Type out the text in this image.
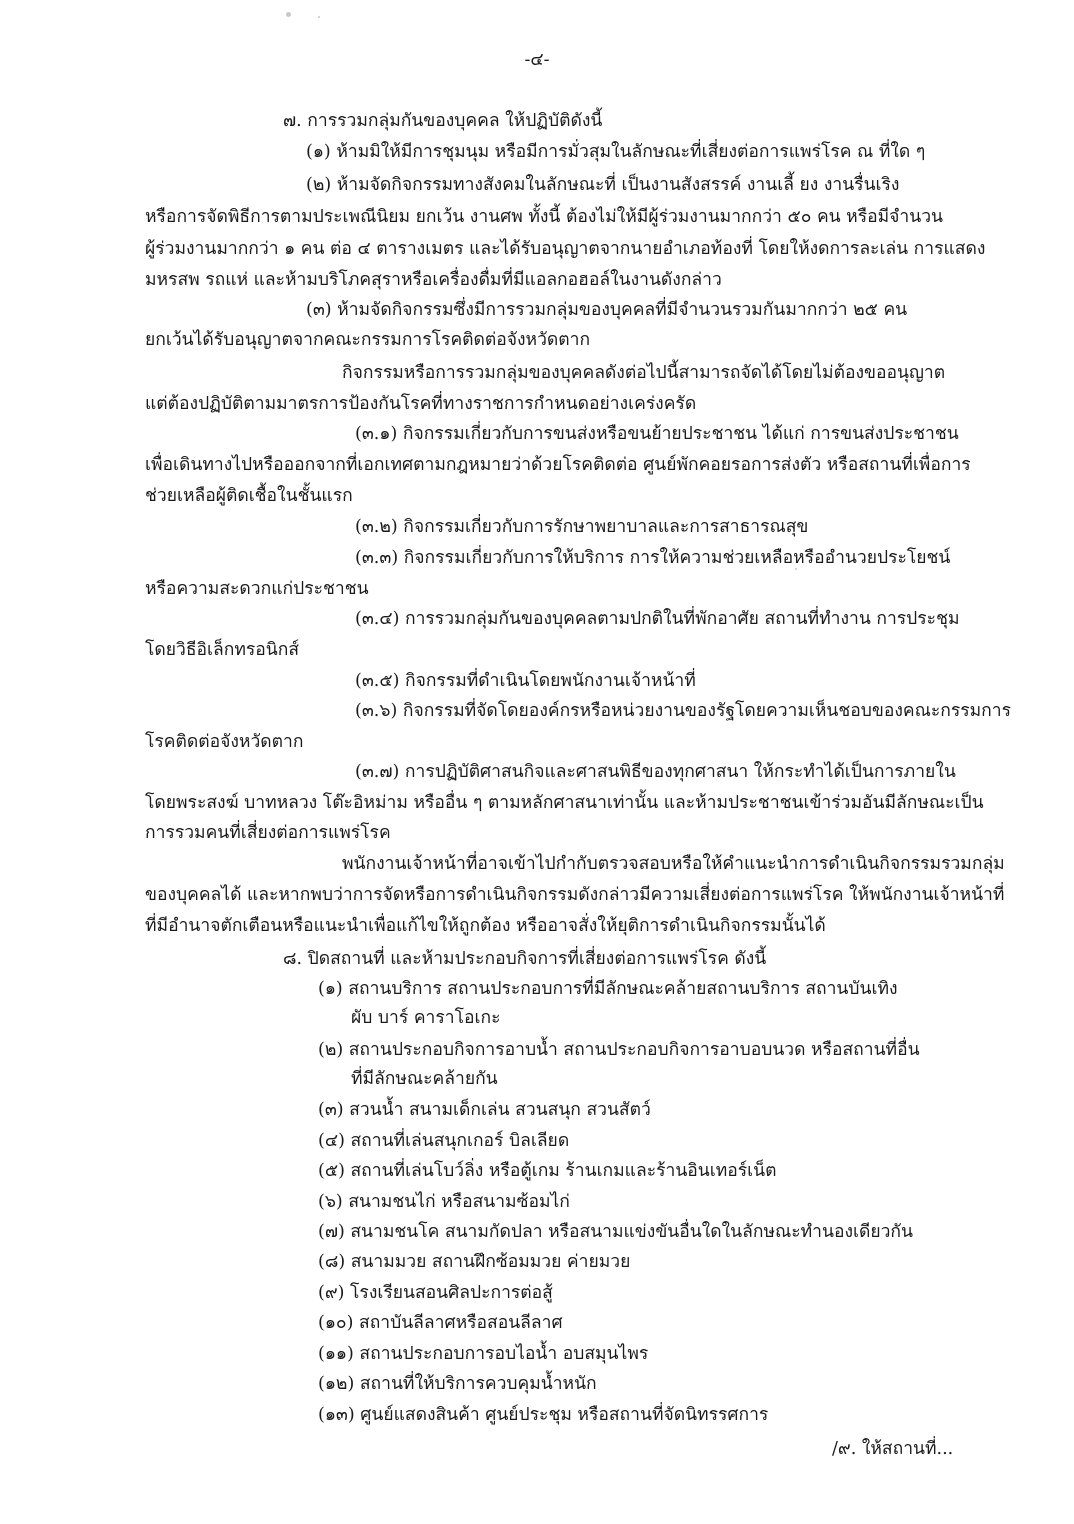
-๔-
๗. การรวมกลุ่มกันของบุคคล ให้ปฏิบัติดังนี้
(๑) ห้ามมิให้มีการชุมนุม หรือมีการมั่วสุมในลักษณะที่เสี่ยงต่อการแพร่โรค ณ ที่ใด ๆ
(๒) ห้ามจัดกิจกรรมทางสังคมในลักษณะที่ เป็นงานสังสรรค์ งานเลี้ ยง งานรื่นเริง
หรือการจัดพิธีการตามประเพณีนิยม ยกเว้น งานศพ ทั้งนี้ ต้องไม่ให้มีผู้ร่วมงานมากกว่า ๕๐ คน หรือมีจำนวน
ผู้ร่วมงานมากกว่า ๑ คน ต่อ ๔ ตารางเมตร และได้รับอนุญาตจากนายอำเภอท้องที่ โดยให้งดการละเล่น การแสดง
มหรสพ รถแห่ และห้ามบริโภคสุราหรือเครื่องดื่มที่มีแอลกอฮอล์ในงานดังกล่าว
(๓) ห้ามจัดกิจกรรมซึ่งมีการรวมกลุ่มของบุคคลที่มีจำนวนรวมกันมากกว่า ๒๕ คน
ยกเว้นได้รับอนุญาตจากคณะกรรมการโรคติดต่อจังหวัดตาก
กิจกรรมหรือการรวมกลุ่มของบุคคลดังต่อไปนี้สามารถจัดได้โดยไม่ต้องขออนุญาต
แต่ต้องปฏิบัติตามมาตรการป้องกันโรคที่ทางราชการกำหนดอย่างเคร่งครัด
(๓.๑) กิจกรรมเกี่ยวกับการขนส่งหรือขนย้ายประชาชน ได้แก่ การขนส่งประชาชน
เพื่อเดินทางไปหรือออกจากที่เอกเทศตามกฎหมายว่าด้วยโรคติดต่อ ศูนย์พักคอยรอการส่งตัว หรือสถานที่เพื่อการ
ช่วยเหลือผู้ติดเชื้อในชั้นแรก
(๓.๒) กิจกรรมเกี่ยวกับการรักษาพยาบาลและการสาธารณสุข
(๓.๓) กิจกรรมเกี่ยวกับการให้บริการ การให้ความช่วยเหลือหรืออำนวยประโยชน์
หรือความสะดวกแก่ประชาชน
(๓.๔) การรวมกลุ่มกันของบุคคลตามปกติในที่พักอาศัย สถานที่ทำงาน การประชุม
โดยวิธีอิเล็กทรอนิกส์
(๓.๕) กิจกรรมที่ดำเนินโดยพนักงานเจ้าหน้าที่
(๓.๖) กิจกรรมที่จัดโดยองค์กรหรือหน่วยงานของรัฐโดยความเห็นชอบของคณะกรรมการ
โรคติดต่อจังหวัดตาก
(๓.๗) การปฏิบัติศาสนกิจและศาสนพิธีของทุกศาสนา ให้กระทำได้เป็นการภายใน
โดยพระสงฆ์ บาทหลวง โต๊ะอิหม่าม หรืออื่น ๆ ตามหลักศาสนาเท่านั้น และห้ามประชาชนเข้าร่วมอันมีลักษณะเป็น
การรวมคนที่เสี่ยงต่อการแพร่โรค
พนักงานเจ้าหน้าที่อาจเข้าไปกำกับตรวจสอบหรือให้คำแนะนำการดำเนินกิจกรรมรวมกลุ่ม
ของบุคคลได้ และหากพบว่าการจัดหรือการดำเนินกิจกรรมดังกล่าวมีความเสี่ยงต่อการแพร่โรค ให้พนักงานเจ้าหน้าที่
ที่มีอำนาจตักเตือนหรือแนะนำเพื่อแก้ไขให้ถูกต้อง หรืออาจสั่งให้ยุติการดำเนินกิจกรรมนั้นได้
๘. ปิดสถานที่ และห้ามประกอบกิจการที่เสี่ยงต่อการแพร่โรค ดังนี้
(๑) สถานบริการ สถานประกอบการที่มีลักษณะคล้ายสถานบริการ สถานบันเทิง
ผับ บาร์ คาราโอเกะ
(๒) สถานประกอบกิจการอาบน้ำ สถานประกอบกิจการอาบอบนวด หรือสถานที่อื่น
ที่มีลักษณะคล้ายกัน
(๓) สวนน้ำ สนามเด็กเล่น สวนสนุก สวนสัตว์
(๔) สถานที่เล่นสนุกเกอร์ บิลเลียด
(๕) สถานที่เล่นโบว์ลิ่ง หรือตู้เกม ร้านเกมและร้านอินเทอร์เน็ต
(๖) สนามชนไก่ หรือสนามซ้อมไก่
(๗) สนามชนโค สนามกัดปลา หรือสนามแข่งขันอื่นใดในลักษณะทำนองเดียวกัน
(๘) สนามมวย สถานฝึกซ้อมมวย ค่ายมวย
(๙) โรงเรียนสอนศิลปะการต่อสู้
(๑๐) สถาบันลีลาศหรือสอนลีลาศ
(๑๑) สถานประกอบการอบไอน้ำ อบสมุนไพร
(๑๒) สถานที่ให้บริการควบคุมน้ำหนัก
(๑๓) ศูนย์แสดงสินค้า ศูนย์ประชุม หรือสถานที่จัดนิทรรศการ
/๙. ให้สถานที่...
